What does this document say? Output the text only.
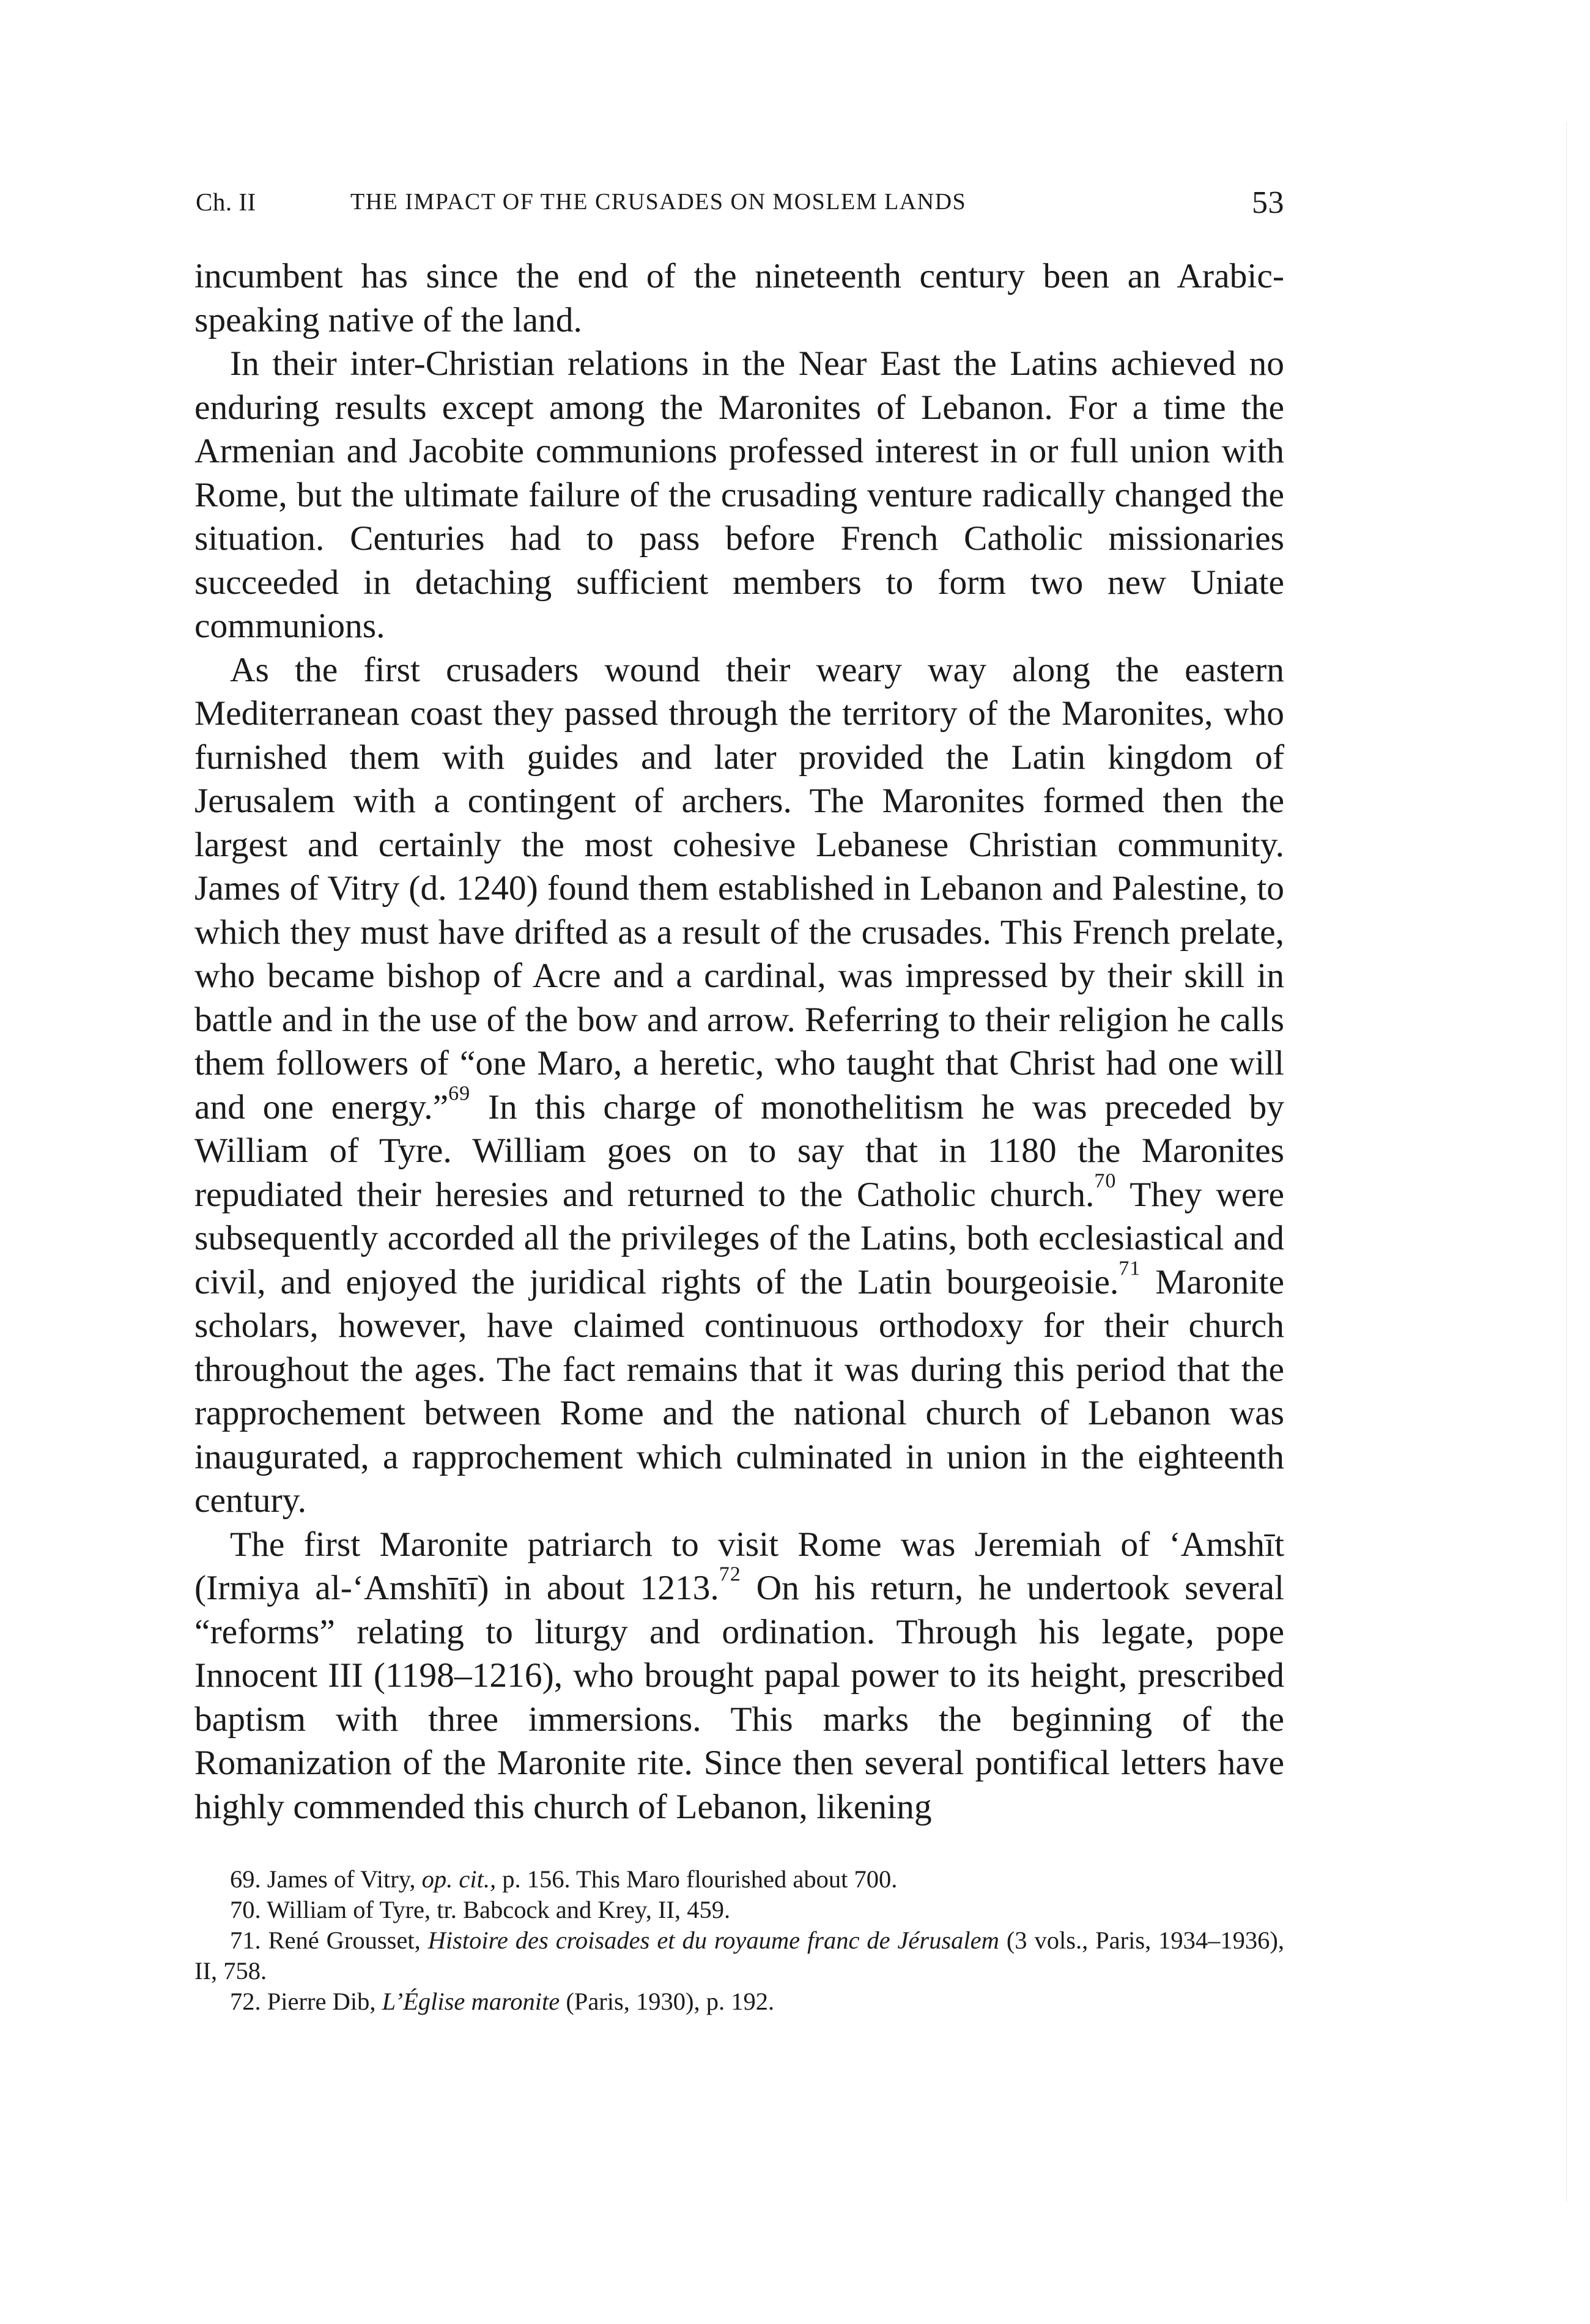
Ch. II	THE IMPACT OF THE CRUSADES ON MOSLEM LANDS	53

incumbent has since the end of the nineteenth century been an Arabic-speaking native of the land.

In their inter-Christian relations in the Near East the Latins achieved no enduring results except among the Maronites of Lebanon. For a time the Armenian and Jacobite communions professed interest in or full union with Rome, but the ultimate failure of the crusading venture radically changed the situation. Centuries had to pass before French Catholic missionaries succeeded in detaching sufficient members to form two new Uniate communions.

As the first crusaders wound their weary way along the eastern Mediterranean coast they passed through the territory of the Maronites, who furnished them with guides and later provided the Latin kingdom of Jerusalem with a contingent of archers. The Maronites formed then the largest and certainly the most cohesive Lebanese Christian community. James of Vitry (d. 1240) found them established in Lebanon and Palestine, to which they must have drifted as a result of the crusades. This French prelate, who became bishop of Acre and a cardinal, was impressed by their skill in battle and in the use of the bow and arrow. Referring to their religion he calls them followers of “one Maro, a heretic, who taught that Christ had one will and one energy.”$^{69}$ In this charge of monothelitism he was preceded by William of Tyre. William goes on to say that in 1180 the Maronites repudiated their heresies and returned to the Catholic church.$^{70}$ They were subsequently accorded all the privileges of the Latins, both ecclesiastical and civil, and enjoyed the juridical rights of the Latin bourgeoisie.$^{71}$ Maronite scholars, however, have claimed continuous orthodoxy for their church throughout the ages. The fact remains that it was during this period that the rapprochement between Rome and the national church of Lebanon was inaugurated, a rapprochement which culminated in union in the eighteenth century.

The first Maronite patriarch to visit Rome was Jeremiah of ‘Amshīt (Irmiya al-‘Amshītī) in about 1213.72 On his return, he undertook several “reforms” relating to liturgy and ordination. Through his legate, pope Innocent III (1198–1216), who brought papal power to its height, prescribed baptism with three immersions. This marks the beginning of the Romanization of the Maronite rite. Since then several pontifical letters have highly commended this church of Lebanon, likening

69. James of Vitry, op. cit., p. 156. This Maro flourished about 700.

70. William of Tyre, tr. Babcock and Krey, II, 459.

71. René Grousset, Histoire des croisades et du royaume franc de Jérusalem (3 vols., Paris, 1934–1936), II, 758.

72. Pierre Dib, L’Église maronite (Paris, 1930), p. 192.
